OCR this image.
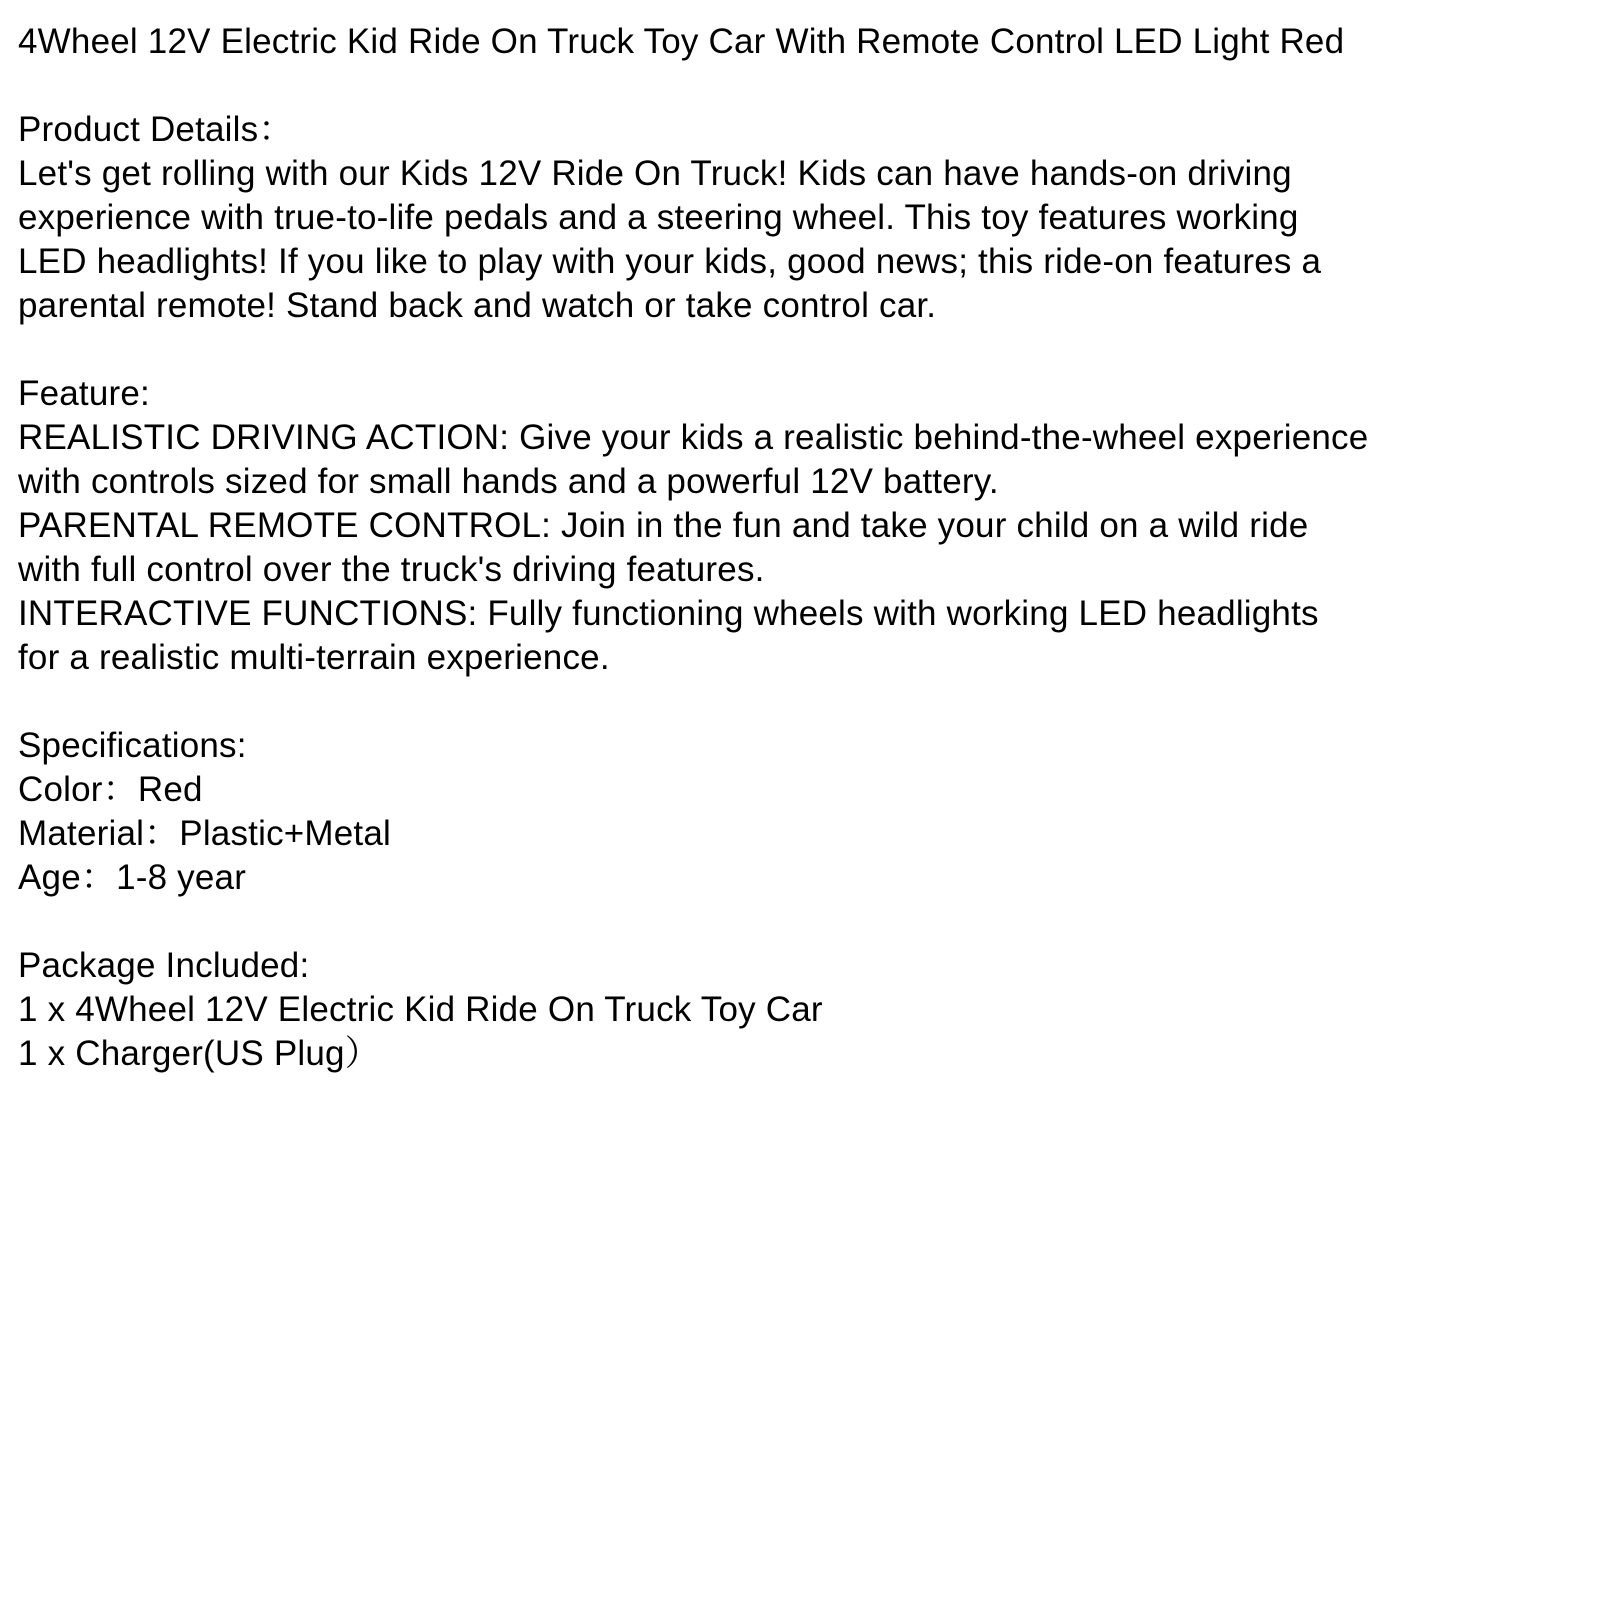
4Wheel 12V Electric Kid Ride On Truck Toy Car With Remote Control LED Light Red
Product Details：
Let's get rolling with our Kids 12V Ride On Truck! Kids can have hands-on driving
experience with true-to-life pedals and a steering wheel. This toy features working
LED headlights! If you like to play with your kids, good news; this ride-on features a
parental remote! Stand back and watch or take control car.
Feature:
REALISTIC DRIVING ACTION: Give your kids a realistic behind-the-wheel experience
with controls sized for small hands and a powerful 12V battery.
PARENTAL REMOTE CONTROL: Join in the fun and take your child on a wild ride
with full control over the truck's driving features.
INTERACTIVE FUNCTIONS: Fully functioning wheels with working LED headlights
for a realistic multi-terrain experience.
Specifications:
Color：Red
Material：Plastic+Metal
Age：1-8 year
Package Included:
1 x 4Wheel 12V Electric Kid Ride On Truck Toy Car
1 x Charger(US Plug）
